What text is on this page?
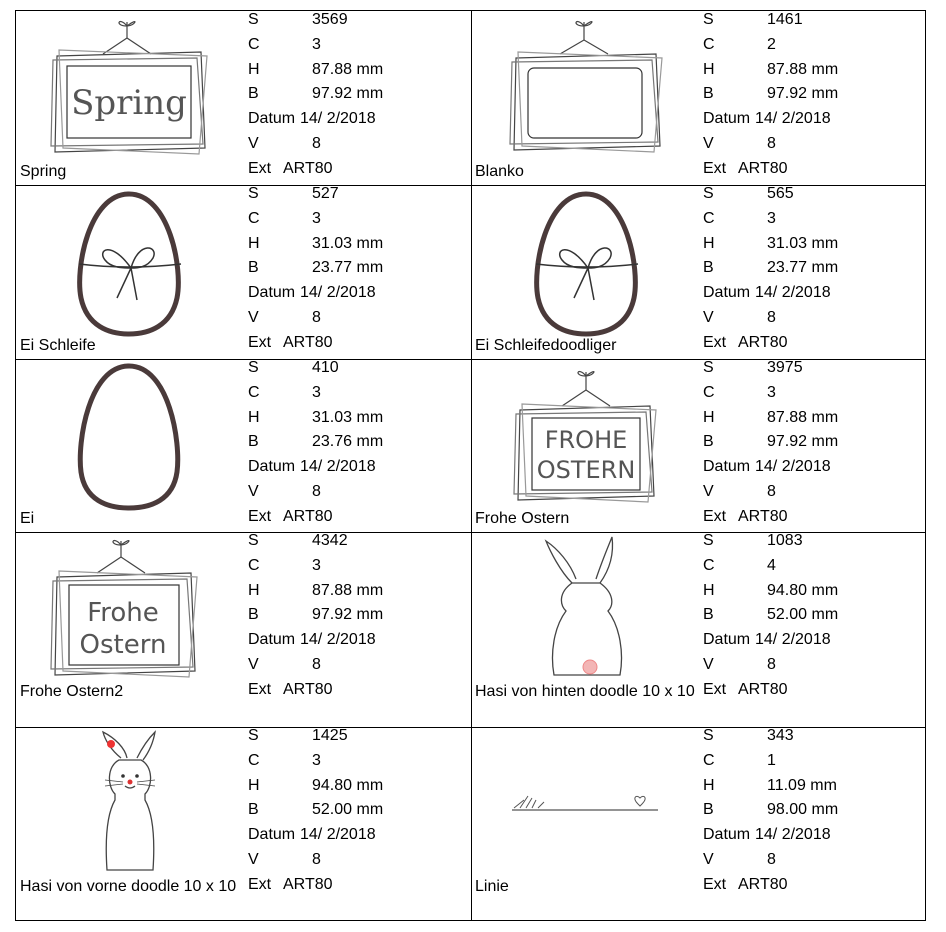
Spring
Spring
S	3569
C	3
H	87.88 mm
B	97.92 mm
Datum 14/ 2/2018
V	8
Ext ART80	Blanko
S	1461
C	2
H	87.88 mm
B	97.92 mm
Datum 14/ 2/2018
V	8
Ext ART80
Ei Schleife
S	527
C	3
H	31.03 mm
B	23.77 mm
Datum 14/ 2/2018
V	8
Ext ART80	Ei Schleifedoodliger
S	565
C	3
H	31.03 mm
B	23.77 mm
Datum 14/ 2/2018
V	8
Ext ART80
Ei
S	410
C	3
H	31.03 mm
B	23.76 mm
Datum 14/ 2/2018
V	8
Ext ART80
FROHE
OSTERN
Frohe Ostern
S	3975
C	3
H	87.88 mm
B	97.92 mm
Datum 14/ 2/2018
V	8
Ext ART80
Frohe
Ostern
Frohe Ostern2
S	4342
C	3
H	87.88 mm
B	97.92 mm
Datum 14/ 2/2018
V	8
Ext ART80	Hasi von hinten doodle 10 x 10
S	1083
C	4
H	94.80 mm
B	52.00 mm
Datum 14/ 2/2018
V	8
Ext ART80
Hasi von vorne doodle 10 x 10
S	1425
C	3
H	94.80 mm
B	52.00 mm
Datum 14/ 2/2018
V	8
Ext ART80	Linie
S	343
C	1
H	11.09 mm
B	98.00 mm
Datum 14/ 2/2018
V	8
Ext ART80
